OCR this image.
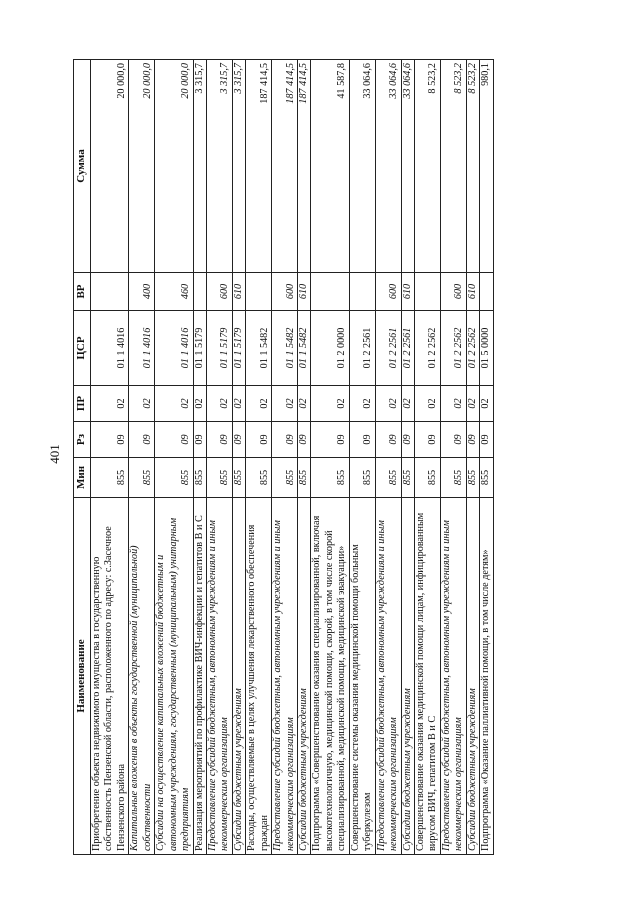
401
Наименование	Мин	Рз	ПР	ЦСР	ВР	Сумма
Приобретение объекта недвижимого имущества в государственную собственность Пензенской области, расположенного по адресу: с.Засечное Пензенского района	855	09	02	01 1 4016		20 000,0
Капитальные вложения в объекты государственной (муниципальной) собственности	855	09	02	01 1 4016	400	20 000,0
Субсидии на осуществление капитальных вложений бюджетным и автономным учреждениям, государственным (муниципальным) унитарным предприятиям	855	09	02	01 1 4016	460	20 000,0
Реализация мероприятий по профилактике ВИЧ-инфекции и гепатитов В и С	855	09	02	01 1 5179		3 315,7
Предоставление субсидий бюджетным, автономным учреждениям и иным некоммерческим организациям	855	09	02	01 1 5179	600	3 315,7
Субсидии бюджетным учреждениям	855	09	02	01 1 5179	610	3 315,7
Расходы, осуществляемые в целях улучшения лекарственного обеспечения граждан	855	09	02	01 1 5482		187 414,5
Предоставление субсидий бюджетным, автономным учреждениям и иным некоммерческим организациям	855	09	02	01 1 5482	600	187 414,5
Субсидии бюджетным учреждениям	855	09	02	01 1 5482	610	187 414,5
Подпрограмма «Совершенствование оказания специализированной, включая высокотехнологичную, медицинской помощи, скорой, в том числе скорой специализированной, медицинской помощи, медицинской эвакуации»	855	09	02	01 2 0000		41 587,8
Совершенствование системы оказания медицинской помощи больным туберкулезом	855	09	02	01 2 2561		33 064,6
Предоставление субсидий бюджетным, автономным учреждениям и иным некоммерческим организациям	855	09	02	01 2 2561	600	33 064,6
Субсидии бюджетным учреждениям	855	09	02	01 2 2561	610	33 064,6
Совершенствование оказания медицинской помощи лицам, инфицированным вирусом ВИЧ, гепатитом В и С	855	09	02	01 2 2562		8 523,2
Предоставление субсидий бюджетным, автономным учреждениям и иным некоммерческим организациям	855	09	02	01 2 2562	600	8 523,2
Субсидии бюджетным учреждениям	855	09	02	01 2 2562	610	8 523,2
Подпрограмма «Оказание паллиативной помощи, в том числе детям»	855	09	02	01 5 0000		980,1
